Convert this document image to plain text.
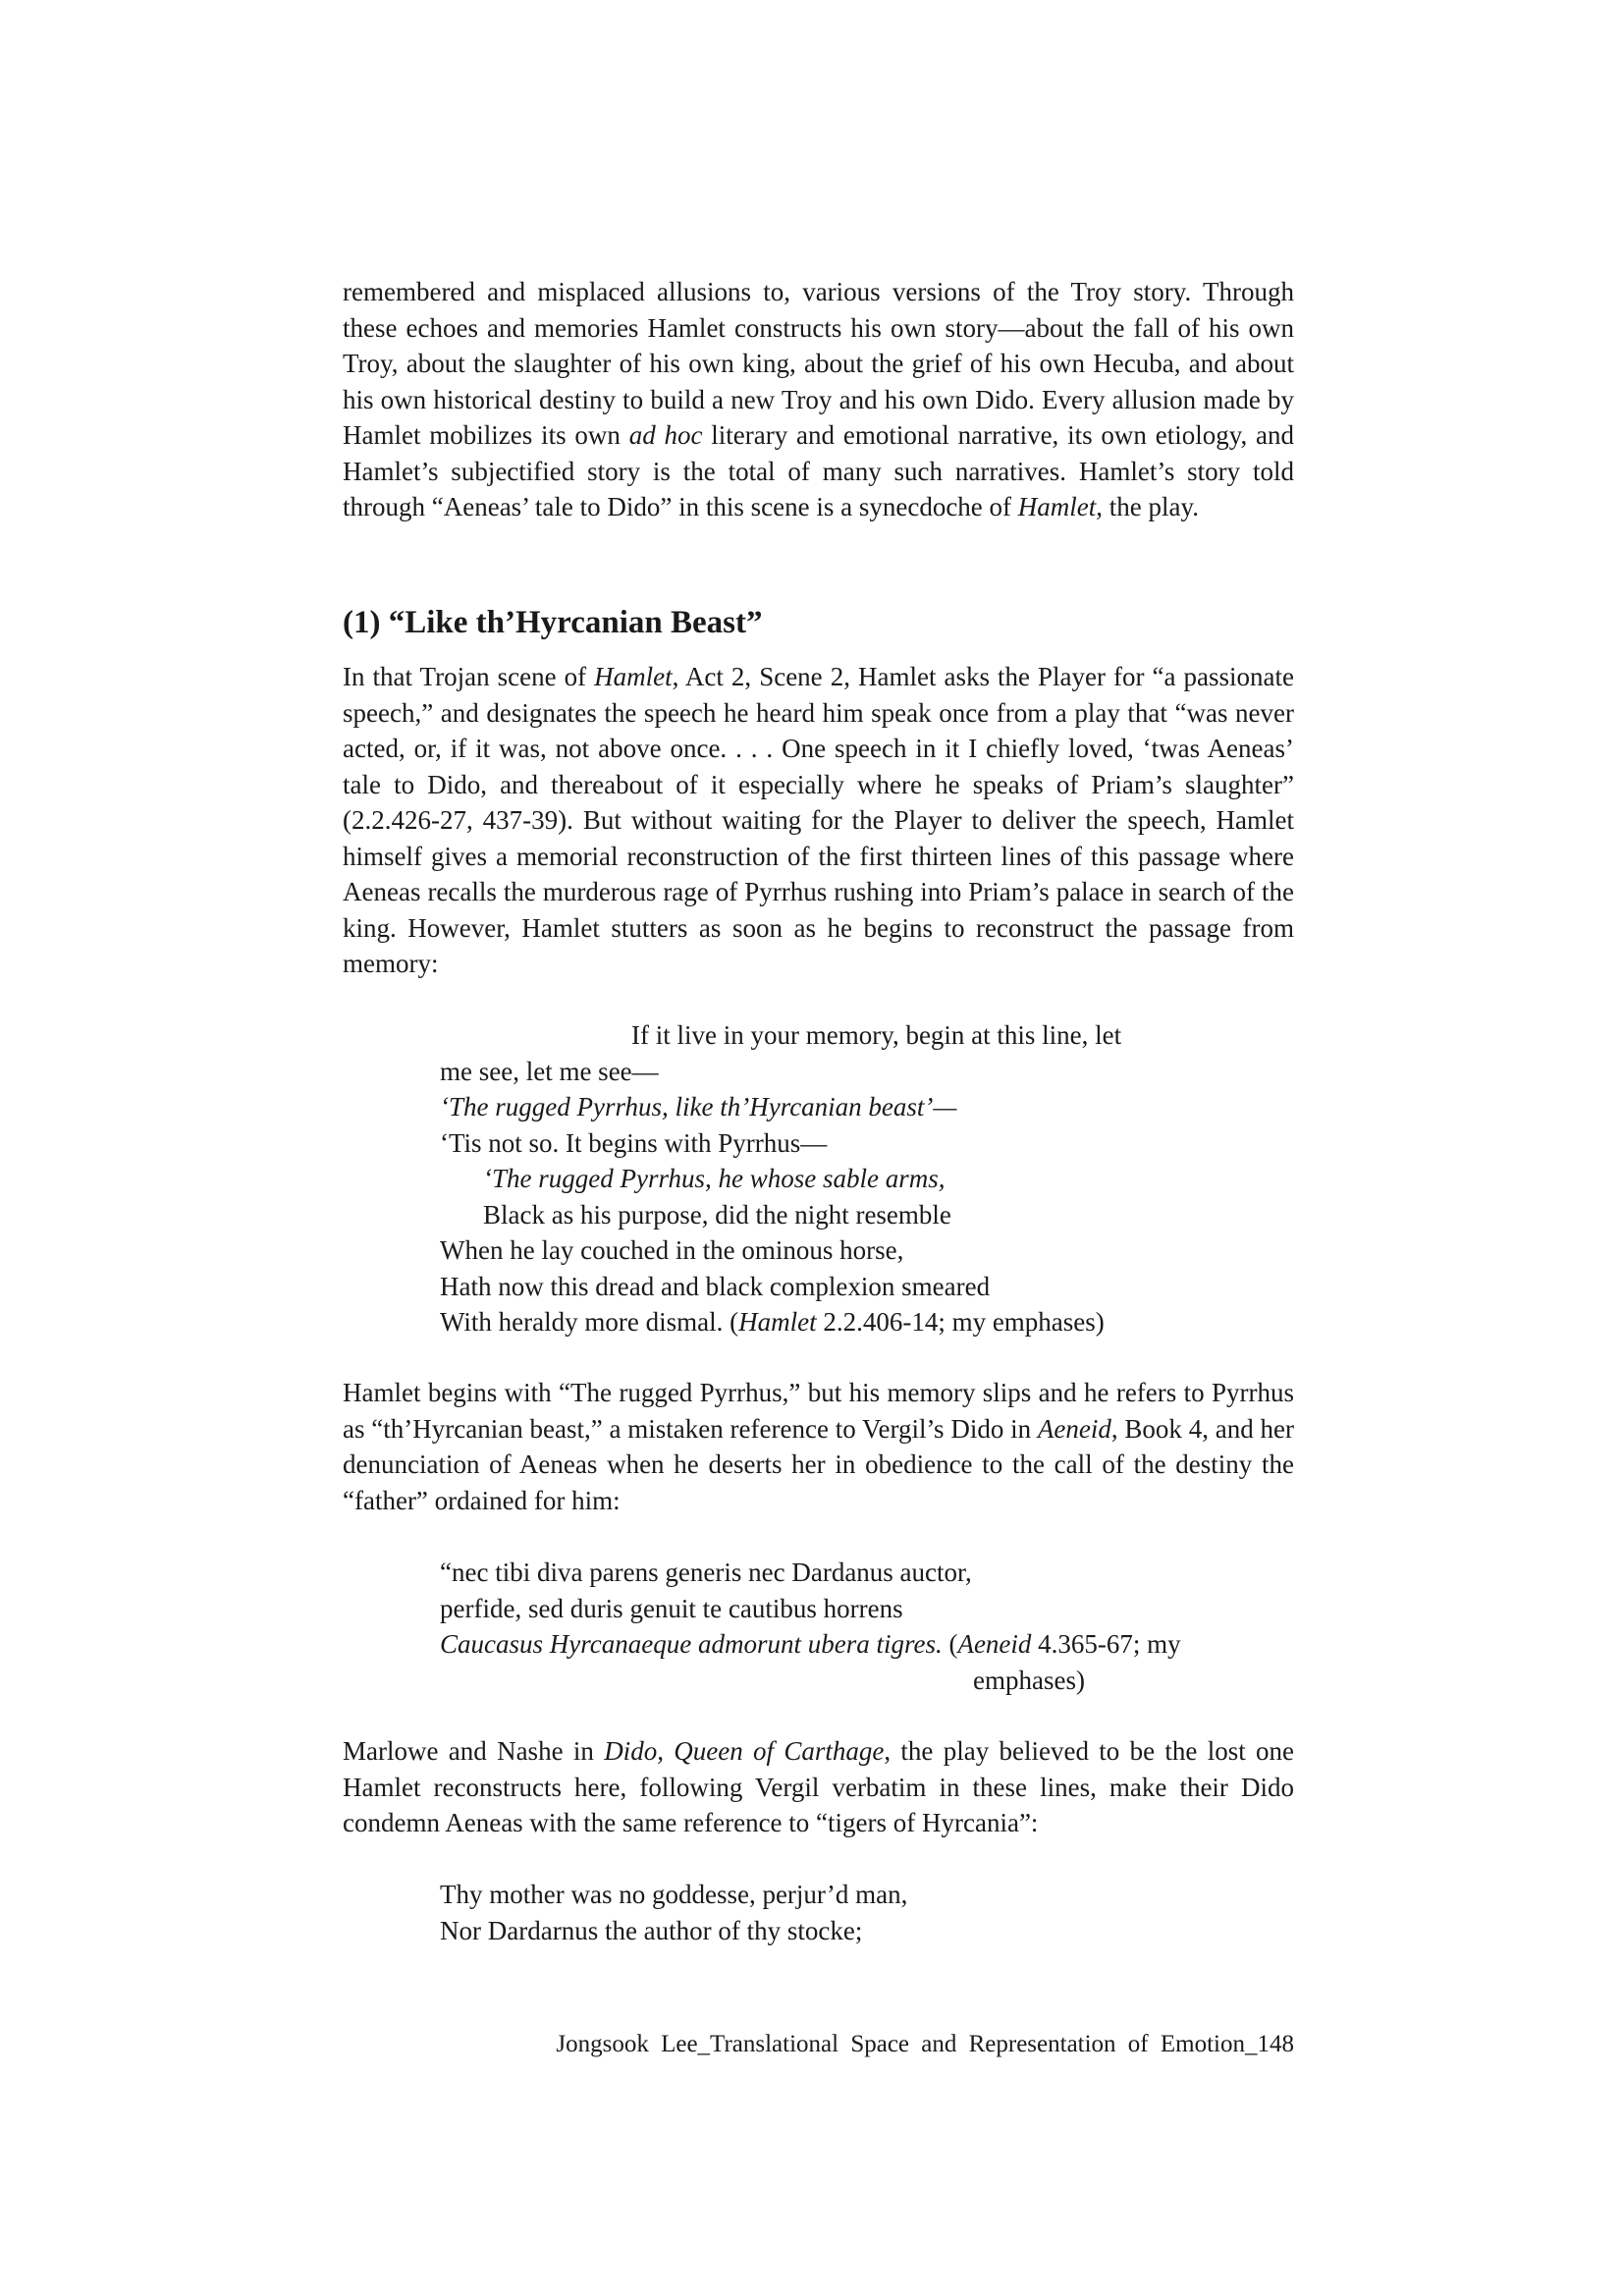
remembered and misplaced allusions to, various versions of the Troy story. Through these echoes and memories Hamlet constructs his own story—about the fall of his own Troy, about the slaughter of his own king, about the grief of his own Hecuba, and about his own historical destiny to build a new Troy and his own Dido. Every allusion made by Hamlet mobilizes its own ad hoc literary and emotional narrative, its own etiology, and Hamlet’s subjectified story is the total of many such narratives. Hamlet’s story told through “Aeneas’ tale to Dido” in this scene is a synecdoche of Hamlet, the play.

(1) “Like th’Hyrcanian Beast”

In that Trojan scene of Hamlet, Act 2, Scene 2, Hamlet asks the Player for “a passionate speech,” and designates the speech he heard him speak once from a play that “was never acted, or, if it was, not above once. . . . One speech in it I chiefly loved, ‘twas Aeneas’ tale to Dido, and thereabout of it especially where he speaks of Priam’s slaughter” (2.2.426-27, 437-39). But without waiting for the Player to deliver the speech, Hamlet himself gives a memorial reconstruction of the first thirteen lines of this passage where Aeneas recalls the murderous rage of Pyrrhus rushing into Priam’s palace in search of the king. However, Hamlet stutters as soon as he begins to reconstruct the passage from memory:

If it live in your memory, begin at this line, let
me see, let me see—
‘The rugged Pyrrhus, like th’Hyrcanian beast’—
‘Tis not so. It begins with Pyrrhus—
‘The rugged Pyrrhus, he whose sable arms,
Black as his purpose, did the night resemble
When he lay couched in the ominous horse,
Hath now this dread and black complexion smeared
With heraldy more dismal. (Hamlet 2.2.406-14; my emphases)

Hamlet begins with “The rugged Pyrrhus,” but his memory slips and he refers to Pyrrhus as “th’Hyrcanian beast,” a mistaken reference to Vergil’s Dido in Aeneid, Book 4, and her denunciation of Aeneas when he deserts her in obedience to the call of the destiny the “father” ordained for him:

“nec tibi diva parens generis nec Dardanus auctor,
perfide, sed duris genuit te cautibus horrens
Caucasus Hyrcanaeque admorunt ubera tigres. (Aeneid 4.365-67; my
emphases)

Marlowe and Nashe in Dido, Queen of Carthage, the play believed to be the lost one Hamlet reconstructs here, following Vergil verbatim in these lines, make their Dido condemn Aeneas with the same reference to “tigers of Hyrcania”:

Thy mother was no goddesse, perjur’d man,
Nor Dardarnus the author of thy stocke;
Jongsook Lee_Translational Space and Representation of Emotion_148
